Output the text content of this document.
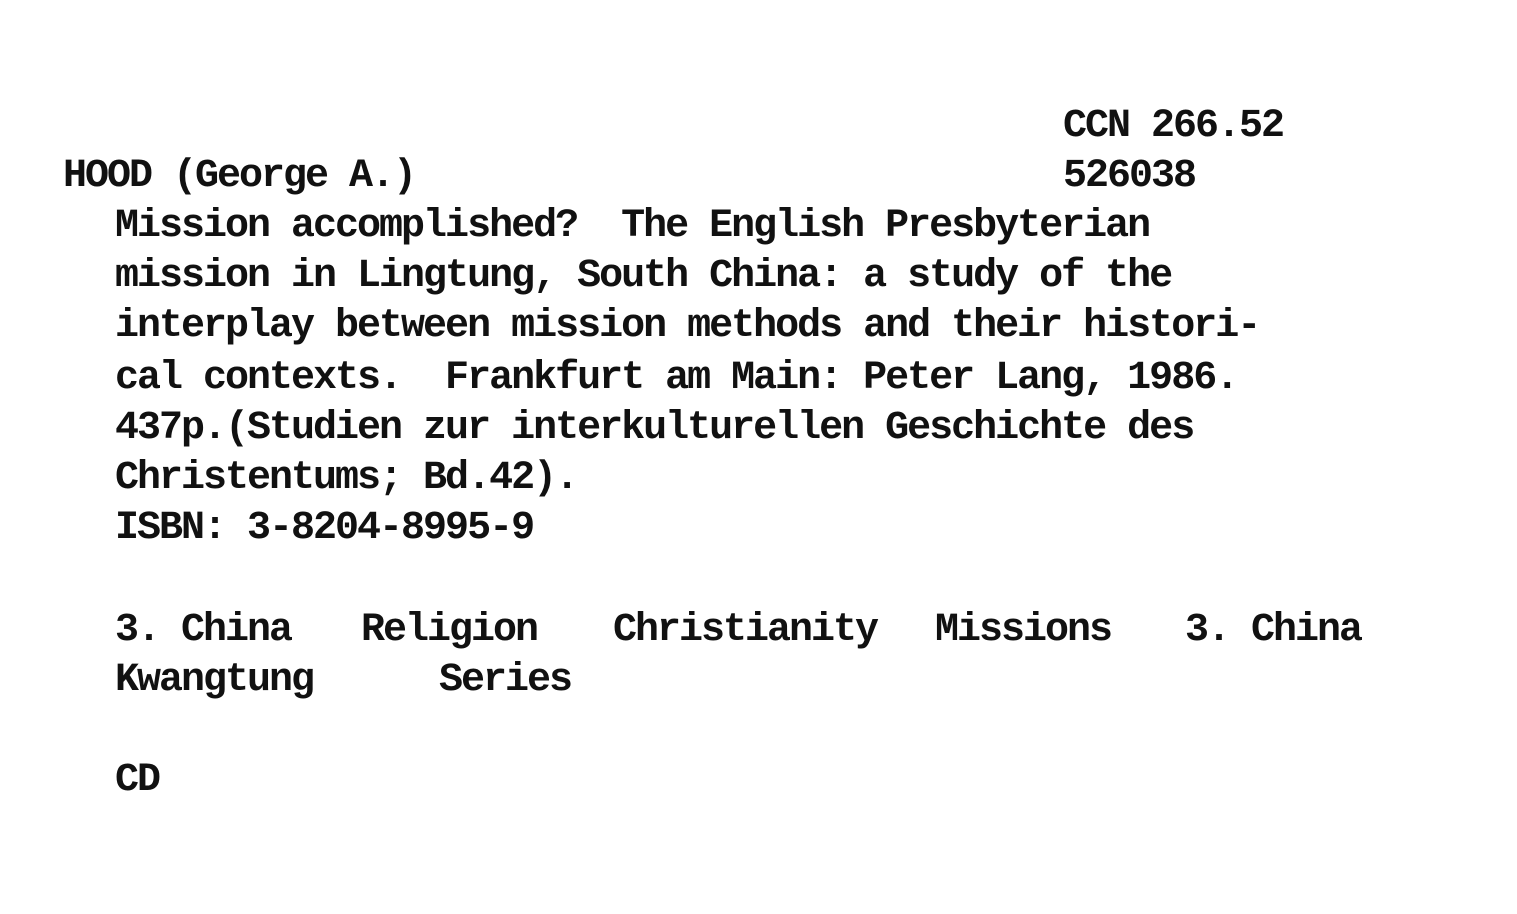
CCN 266.52
526038
HOOD (George A.)
Mission accomplished?  The English Presbyterian
mission in Lingtung, South China: a study of the
interplay between mission methods and their histori-
cal contexts.  Frankfurt am Main: Peter Lang, 1986.
437p.(Studien zur interkulturellen Geschichte des
Christentums; Bd.42).
ISBN: 3-8204-8995-9
3. China Religion Christianity Missions 3. China
Kwangtung	Series
CD
